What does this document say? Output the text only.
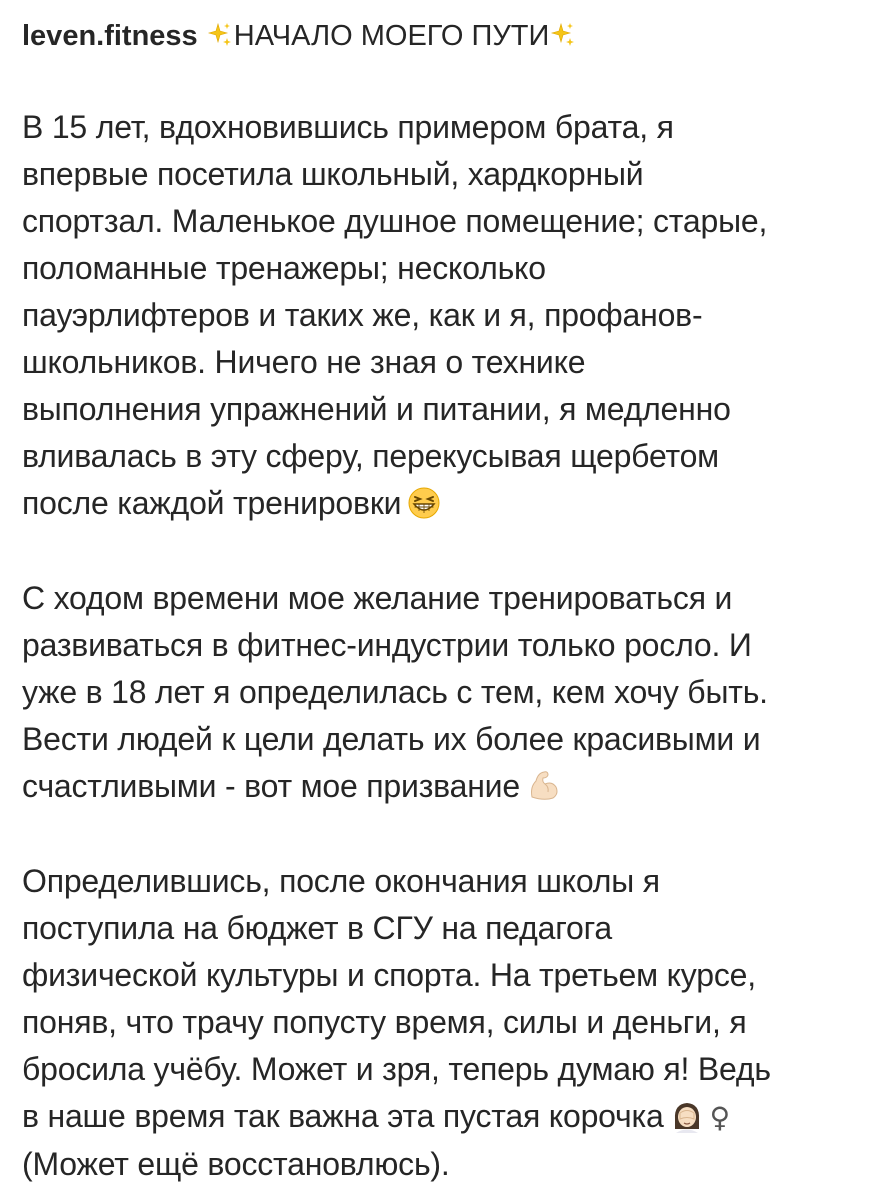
leven.fitness НАЧАЛО МОЕГО ПУТИ

В 15 лет, вдохновившись примером брата, я
впервые посетила школьный, хардкорный
спортзал. Маленькое душное помещение; старые,
поломанные тренажеры; несколько
пауэрлифтеров и таких же, как и я, профанов-
школьников. Ничего не зная о технике
выполнения упражнений и питании, я медленно
вливалась в эту сферу, перекусывая щербетом
после каждой тренировки

С ходом времени мое желание тренироваться и
развиваться в фитнес-индустрии только росло. И
уже в 18 лет я определилась с тем, кем хочу быть.
Вести людей к цели делать их более красивыми и
счастливыми - вот мое призвание

Определившись, после окончания школы я
поступила на бюджет в СГУ на педагога
физической культуры и спорта. На третьем курсе,
поняв, что трачу попусту время, силы и деньги, я
бросила учёбу. Может и зря, теперь думаю я! Ведь
в наше время так важна эта пустая корочка ♀
(Может ещё восстановлюсь).
